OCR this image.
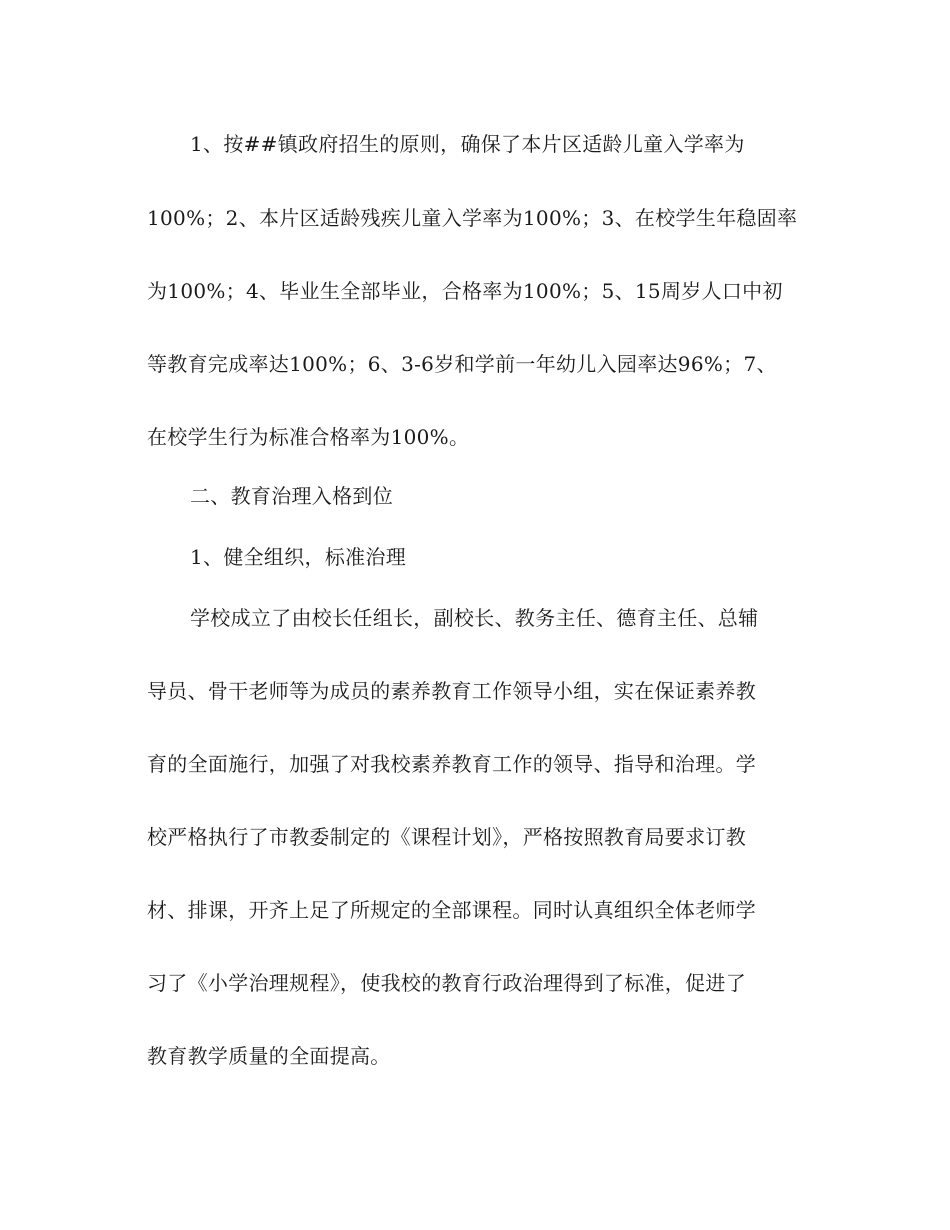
1、按##镇政府招生的原则，确保了本片区适龄儿童入学率为
100%；2、本片区适龄残疾儿童入学率为100%；3、在校学生年稳固率
为100%；4、毕业生全部毕业，合格率为100%；5、15周岁人口中初
等教育完成率达100%；6、3-6岁和学前一年幼儿入园率达96%；7、
在校学生行为标准合格率为100%。
二、教育治理入格到位
1、健全组织，标准治理
学校成立了由校长任组长，副校长、教务主任、德育主任、总辅
导员、骨干老师等为成员的素养教育工作领导小组，实在保证素养教
育的全面施行，加强了对我校素养教育工作的领导、指导和治理。学
校严格执行了市教委制定的《课程计划》，严格按照教育局要求订教
材、排课，开齐上足了所规定的全部课程。同时认真组织全体老师学
习了《小学治理规程》，使我校的教育行政治理得到了标准，促进了
教育教学质量的全面提高。
